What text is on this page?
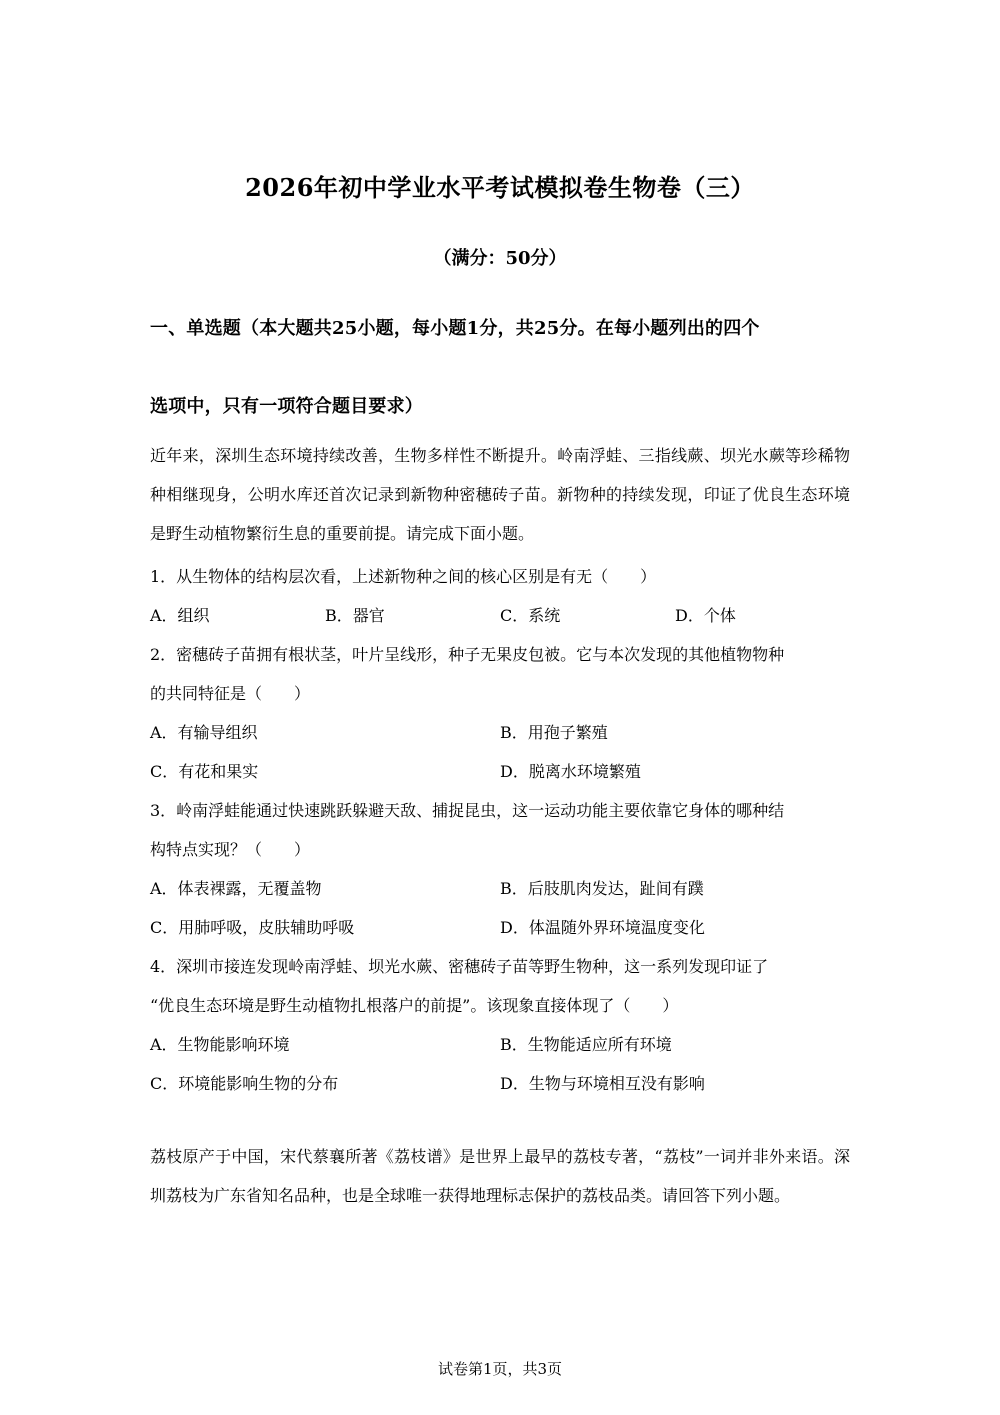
2026年初中学业水平考试模拟卷生物卷（三）
（满分：50分）
一、单选题（本大题共25小题，每小题1分，共25分。在每小题列出的四个
选项中，只有一项符合题目要求）
近年来，深圳生态环境持续改善，生物多样性不断提升。岭南浮蛙、三指线蕨、坝光水蕨等珍稀物种相继现身，公明水库还首次记录到新物种密穗砖子苗。新物种的持续发现，印证了优良生态环境是野生动植物繁衍生息的重要前提。请完成下面小题。
1．从生物体的结构层次看，上述新物种之间的核心区别是有无（　　）
A．组织	B．器官	C．系统	D．个体
2．密穗砖子苗拥有根状茎，叶片呈线形，种子无果皮包被。它与本次发现的其他植物物种
的共同特征是（　　）
A．有输导组织	B．用孢子繁殖
C．有花和果实	D．脱离水环境繁殖
3．岭南浮蛙能通过快速跳跃躲避天敌、捕捉昆虫，这一运动功能主要依靠它身体的哪种结
构特点实现？（　　）
A．体表裸露，无覆盖物	B．后肢肌肉发达，趾间有蹼
C．用肺呼吸，皮肤辅助呼吸	D．体温随外界环境温度变化
4．深圳市接连发现岭南浮蛙、坝光水蕨、密穗砖子苗等野生物种，这一系列发现印证了
“优良生态环境是野生动植物扎根落户的前提”。该现象直接体现了（　　）
A．生物能影响环境	B．生物能适应所有环境
C．环境能影响生物的分布	D．生物与环境相互没有影响
荔枝原产于中国，宋代蔡襄所著《荔枝谱》是世界上最早的荔枝专著，“荔枝”一词并非外来语。深圳荔枝为广东省知名品种，也是全球唯一获得地理标志保护的荔枝品类。请回答下列小题。
试卷第1页，共3页
